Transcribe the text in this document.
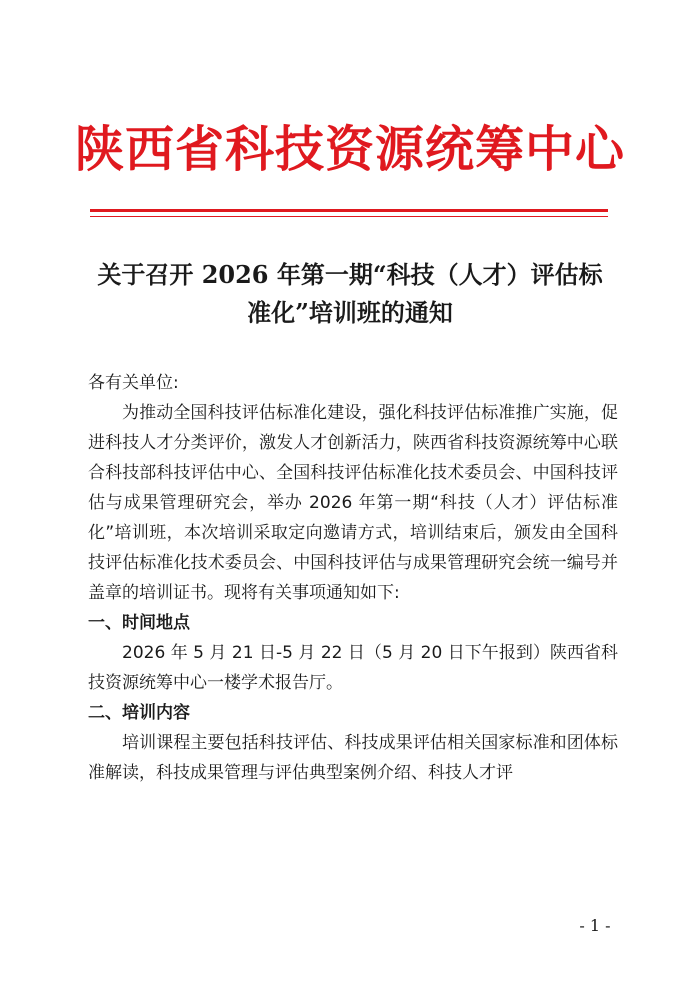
陕西省科技资源统筹中心
关于召开 2026 年第一期“科技（人才）评估标
准化”培训班的通知

各有关单位:

为推动全国科技评估标准化建设，强化科技评估标准推广实施，促进科技人才分类评价，激发人才创新活力，陕西省科技资源统筹中心联合科技部科技评估中心、全国科技评估标准化技术委员会、中国科技评估与成果管理研究会，举办 2026 年第一期“科技（人才）评估标准化”培训班，本次培训采取定向邀请方式，培训结束后，颁发由全国科技评估标准化技术委员会、中国科技评估与成果管理研究会统一编号并盖章的培训证书。现将有关事项通知如下:

一、时间地点

2026 年 5 月 21 日-5 月 22 日（5 月 20 日下午报到）陕西省科技资源统筹中心一楼学术报告厅。

二、培训内容

培训课程主要包括科技评估、科技成果评估相关国家标准和团体标准解读，科技成果管理与评估典型案例介绍、科技人才评

- 1 -
